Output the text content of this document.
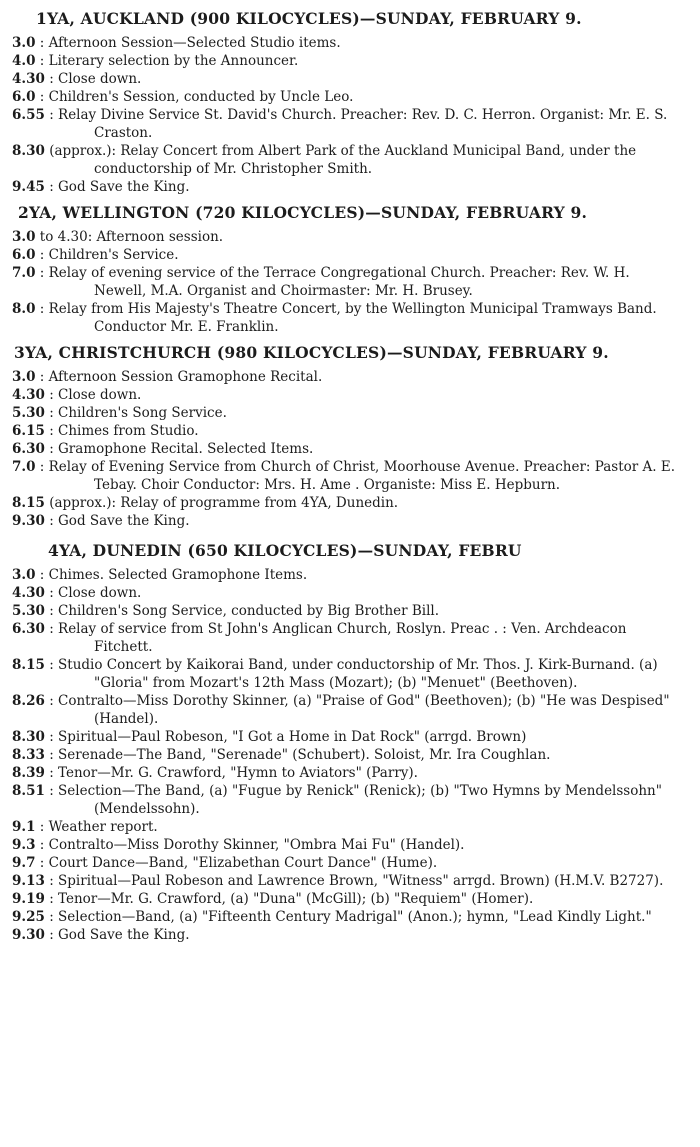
1YA, AUCKLAND (900 KILOCYCLES)—SUNDAY, FEBRUARY 9.

3.0 : Afternoon Session—Selected Studio items.

4.0 : Literary selection by the Announcer.

4.30 : Close down.

6.0 : Children's Session, conducted by Uncle Leo.

6.55 : Relay Divine Service St. David's Church. Preacher: Rev. D. C. Herron. Organist: Mr. E. S. Craston.

8.30 (approx.): Relay Concert from Albert Park of the Auckland Municipal Band, under the conductorship of Mr. Christopher Smith.

9.45 : God Save the King.

2YA, WELLINGTON (720 KILOCYCLES)—SUNDAY, FEBRUARY 9.

3.0 to 4.30: Afternoon session.

6.0 : Children's Service.

7.0 : Relay of evening service of the Terrace Congregational Church. Preacher: Rev. W. H. Newell, M.A. Organist and Choirmaster: Mr. H. Brusey.

8.0 : Relay from His Majesty's Theatre Concert, by the Wellington Municipal Tramways Band. Conductor Mr. E. Franklin.

3YA, CHRISTCHURCH (980 KILOCYCLES)—SUNDAY, FEBRUARY 9.

3.0 : Afternoon Session Gramophone Recital.

4.30 : Close down.

5.30 : Children's Song Service.

6.15 : Chimes from Studio.

6.30 : Gramophone Recital. Selected Items.

7.0 : Relay of Evening Service from Church of Christ, Moorhouse Avenue. Preacher: Pastor A. E. Tebay. Choir Conductor: Mrs. H. Ame . Organiste: Miss E. Hepburn.

8.15 (approx.): Relay of programme from 4YA, Dunedin.

9.30 : God Save the King.

4YA, DUNEDIN (650 KILOCYCLES)—SUNDAY, FEBRU

3.0 : Chimes. Selected Gramophone Items.

4.30 : Close down.

5.30 : Children's Song Service, conducted by Big Brother Bill.

6.30 : Relay of service from St John's Anglican Church, Roslyn. Preac . : Ven. Archdeacon Fitchett.

8.15 : Studio Concert by Kaikorai Band, under conductorship of Mr. Thos. J. Kirk-Burnand. (a) "Gloria" from Mozart's 12th Mass (Mozart); (b) "Menuet" (Beethoven).

8.26 : Contralto—Miss Dorothy Skinner, (a) "Praise of God" (Beethoven); (b) "He was Despised" (Handel).

8.30 : Spiritual—Paul Robeson, "I Got a Home in Dat Rock" (arrgd. Brown)

8.33 : Serenade—The Band, "Serenade" (Schubert). Soloist, Mr. Ira Coughlan.

8.39 : Tenor—Mr. G. Crawford, "Hymn to Aviators" (Parry).

8.51 : Selection—The Band, (a) "Fugue by Renick" (Renick); (b) "Two Hymns by Mendelssohn" (Mendelssohn).

9.1 : Weather report.

9.3 : Contralto—Miss Dorothy Skinner, "Ombra Mai Fu" (Handel).

9.7 : Court Dance—Band, "Elizabethan Court Dance" (Hume).

9.13 : Spiritual—Paul Robeson and Lawrence Brown, "Witness" arrgd. Brown) (H.M.V. B2727).

9.19 : Tenor—Mr. G. Crawford, (a) "Duna" (McGill); (b) "Requiem" (Homer).

9.25 : Selection—Band, (a) "Fifteenth Century Madrigal" (Anon.); hymn, "Lead Kindly Light."

9.30 : God Save the King.
